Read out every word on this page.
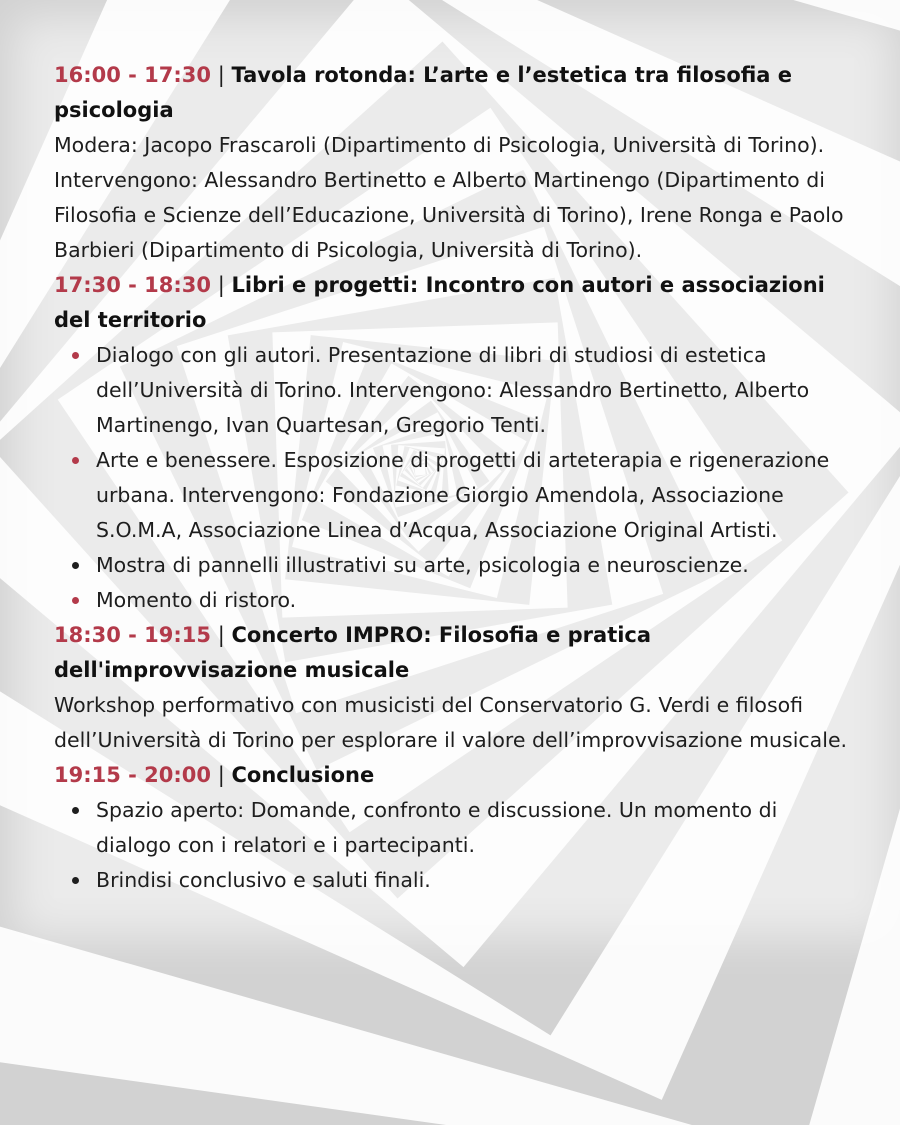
16:00 - 17:30 | Tavola rotonda: L’arte e l’estetica tra filosofia e psicologia

Modera: Jacopo Frascaroli (Dipartimento di Psicologia, Università di Torino). Intervengono: Alessandro Bertinetto e Alberto Martinengo (Dipartimento di Filosofia e Scienze dell’Educazione, Università di Torino), Irene Ronga e Paolo Barbieri (Dipartimento di Psicologia, Università di Torino).

17:30 - 18:30 | Libri e progetti: Incontro con autori e associazioni del territorio

Dialogo con gli autori. Presentazione di libri di studiosi di estetica dell’Università di Torino. Intervengono: Alessandro Bertinetto, Alberto Martinengo, Ivan Quartesan, Gregorio Tenti.
Arte e benessere. Esposizione di progetti di arteterapia e rigenerazione urbana. Intervengono: Fondazione Giorgio Amendola, Associazione S.O.M.A, Associazione Linea d’Acqua, Associazione Original Artisti.
Mostra di pannelli illustrativi su arte, psicologia e neuroscienze.
Momento di ristoro.

18:30 - 19:15 | Concerto IMPRO: Filosofia e pratica dell'improvvisazione musicale

Workshop performativo con musicisti del Conservatorio G. Verdi e filosofi dell’Università di Torino per esplorare il valore dell’improvvisazione musicale.

19:15 - 20:00 | Conclusione

Spazio aperto: Domande, confronto e discussione. Un momento di dialogo con i relatori e i partecipanti.
Brindisi conclusivo e saluti finali.
